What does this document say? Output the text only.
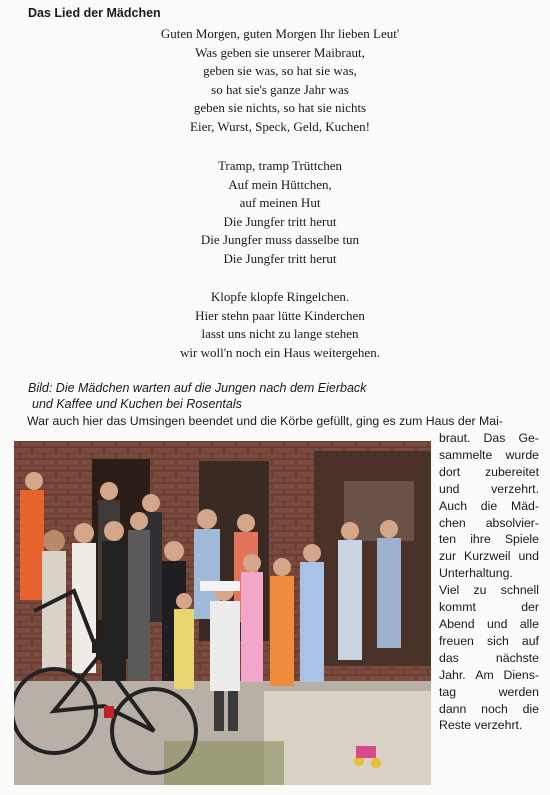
Das Lied der Mädchen
Guten Morgen, guten Morgen Ihr lieben Leut'
Was geben sie unserer Maibraut,
geben sie was, so hat sie was,
so hat sie's ganze Jahr was
geben sie nichts, so hat sie nichts
Eier, Wurst, Speck, Geld, Kuchen!
Tramp, tramp Trüttchen
Auf mein Hüttchen,
auf meinen Hut
Die Jungfer tritt herut
Die Jungfer muss dasselbe tun
Die Jungfer tritt herut
Klopfe klopfe Ringelchen.
Hier stehn paar lütte Kinderchen
lasst uns nicht zu lange stehen
wir woll'n noch ein Haus weitergehen.
Bild: Die Mädchen warten auf die Jungen nach dem Eierback
und Kaffee und Kuchen bei Rosentals
War auch hier das Umsingen beendet und die Körbe gefüllt, ging es zum Haus der Mai-
braut. Das Ge-
sammelte wurde
dort zubereitet
und	verzehrt.
Auch die Mäd-
chen absolvier-
ten ihre Spiele
zur Kurzweil und
Unterhaltung.
Viel zu schnell
kommt	der
Abend und alle
freuen sich auf
das	nächste
Jahr. Am Diens-
tag	werden
dann noch die
Reste verzehrt.
